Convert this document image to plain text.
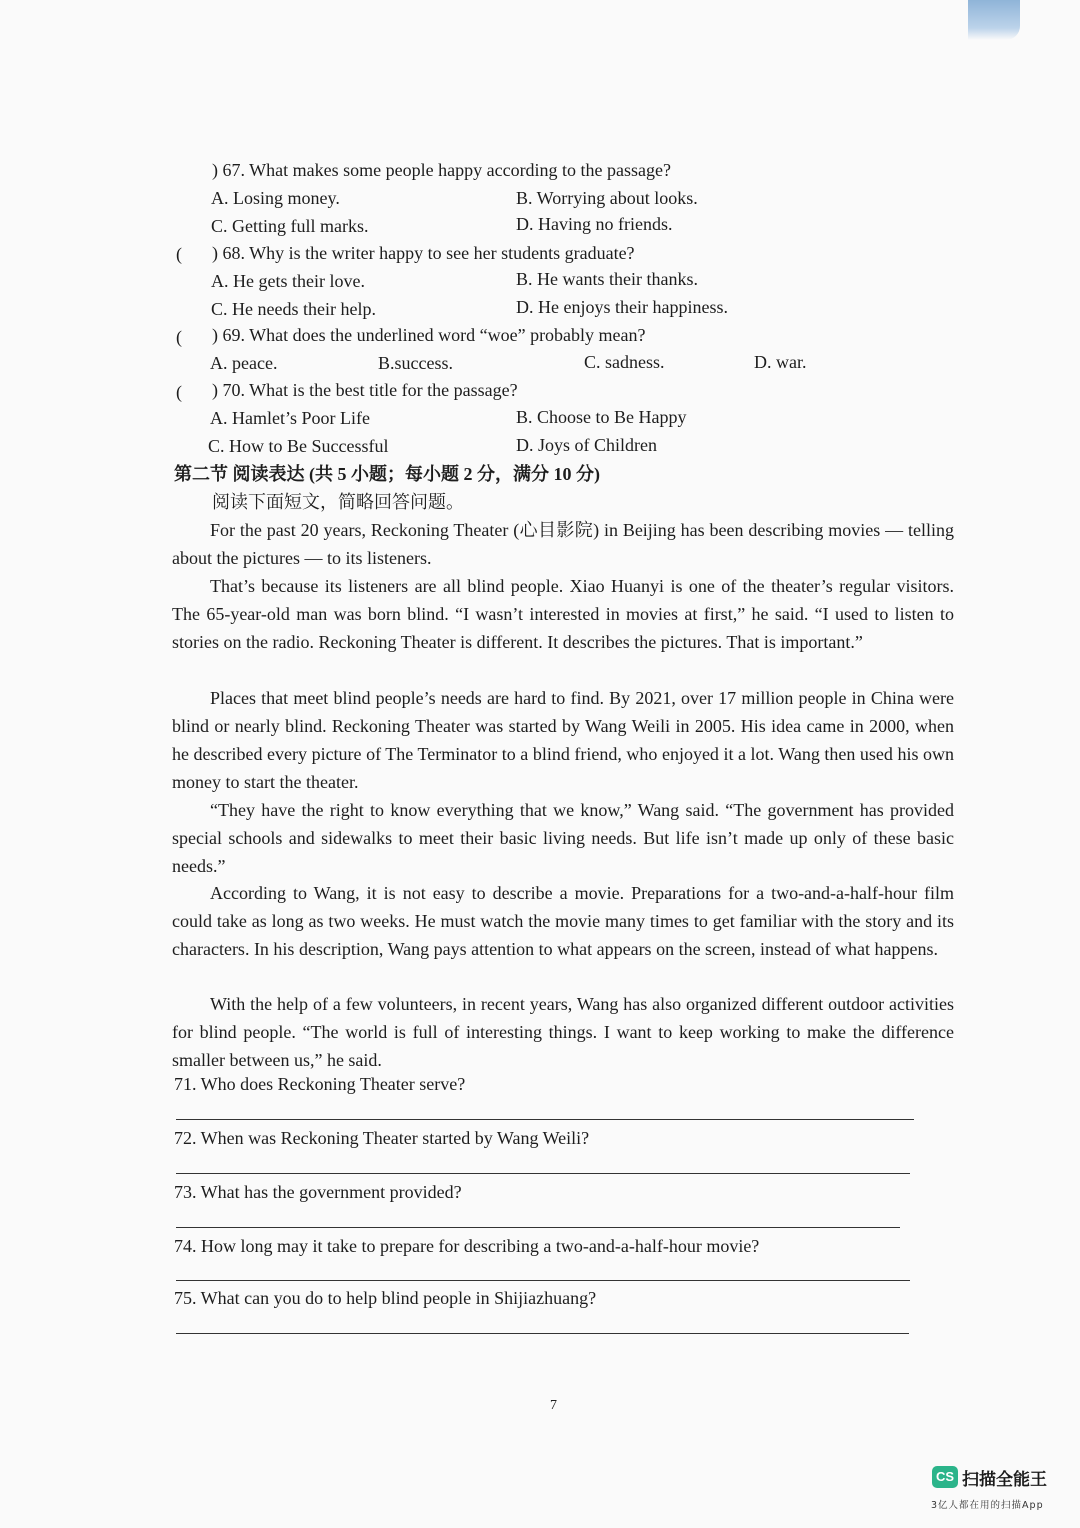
) 67. What makes some people happy according to the passage?
A. Losing money.	B. Worrying about looks.
C. Getting full marks.	D. Having no friends.
( ) 68. Why is the writer happy to see her students graduate?
A. He gets their love.	B. He wants their thanks.
C. He needs their help.	D. He enjoys their happiness.
( ) 69. What does the underlined word “woe” probably mean?
A. peace.	B.success.	C. sadness.	D. war.
( ) 70. What is the best title for the passage?
A. Hamlet’s Poor Life	B. Choose to Be Happy
C. How to Be Successful	D. Joys of Children
第二节 阅读表达 (共 5 小题；每小题 2 分，满分 10 分)
阅读下面短文，简略回答问题。
For the past 20 years, Reckoning Theater (心目影院) in Beijing has been describing movies — telling about the pictures — to its listeners.
That’s because its listeners are all blind people. Xiao Huanyi is one of the theater’s regular visitors. The 65-year-old man was born blind. “I wasn’t interested in movies at first,” he said. “I used to listen to stories on the radio. Reckoning Theater is different. It describes the pictures. That is important.”
Places that meet blind people’s needs are hard to find. By 2021, over 17 million people in China were blind or nearly blind. Reckoning Theater was started by Wang Weili in 2005. His idea came in 2000, when he described every picture of The Terminator to a blind friend, who enjoyed it a lot. Wang then used his own money to start the theater.
“They have the right to know everything that we know,” Wang said. “The government has provided special schools and sidewalks to meet their basic living needs. But life isn’t made up only of these basic needs.”
According to Wang, it is not easy to describe a movie. Preparations for a two-and-a-half-hour film could take as long as two weeks. He must watch the movie many times to get familiar with the story and its characters. In his description, Wang pays attention to what appears on the screen, instead of what happens.
With the help of a few volunteers, in recent years, Wang has also organized different outdoor activities for blind people. “The world is full of interesting things. I want to keep working to make the difference smaller between us,” he said.
71. Who does Reckoning Theater serve?
72. When was Reckoning Theater started by Wang Weili?
73. What has the government provided?
74. How long may it take to prepare for describing a two-and-a-half-hour movie?
75. What can you do to help blind people in Shijiazhuang?
7
CS 扫描全能王
3亿人都在用的扫描App
